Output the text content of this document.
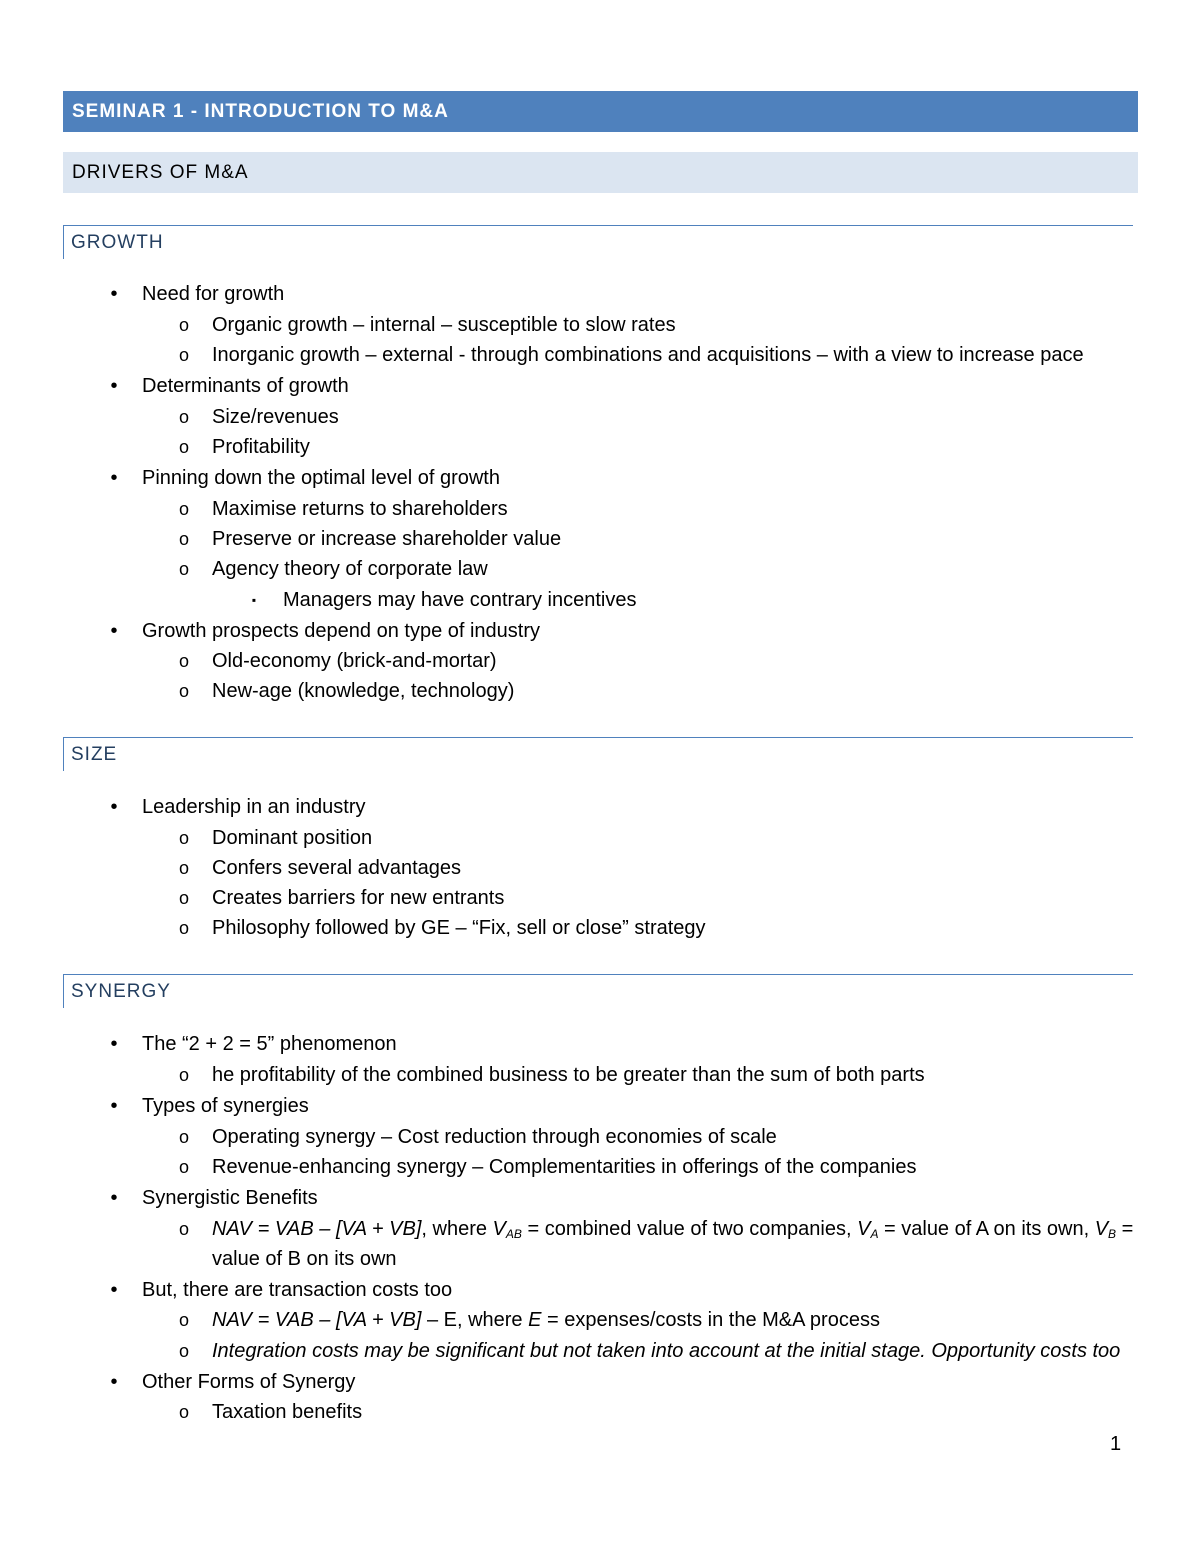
SEMINAR 1 - INTRODUCTION TO M&A
DRIVERS OF M&A
GROWTH
• Need for growth
o Organic growth – internal – susceptible to slow rates
o Inorganic growth – external - through combinations and acquisitions – with a view to increase pace
• Determinants of growth
o Size/revenues
o Profitability
• Pinning down the optimal level of growth
o Maximise returns to shareholders
o Preserve or increase shareholder value
o Agency theory of corporate law
▪ Managers may have contrary incentives
• Growth prospects depend on type of industry
o Old-economy (brick-and-mortar)
o New-age (knowledge, technology)
SIZE
• Leadership in an industry
o Dominant position
o Confers several advantages
o Creates barriers for new entrants
o Philosophy followed by GE – “Fix, sell or close” strategy
SYNERGY
• The “2 + 2 = 5” phenomenon
o he profitability of the combined business to be greater than the sum of both parts
• Types of synergies
o Operating synergy – Cost reduction through economies of scale
o Revenue-enhancing synergy – Complementarities in offerings of the companies
• Synergistic Benefits
o NAV = VAB – [VA + VB], where $V_{AB}$ = combined value of two companies, $V_A$ = value of A on its own, $V_B$ =
value of B on its own
• But, there are transaction costs too
o NAV = VAB – [VA + VB] – E, where E = expenses/costs in the M&A process
o Integration costs may be significant but not taken into account at the initial stage. Opportunity costs too
• Other Forms of Synergy
o Taxation benefits
1
